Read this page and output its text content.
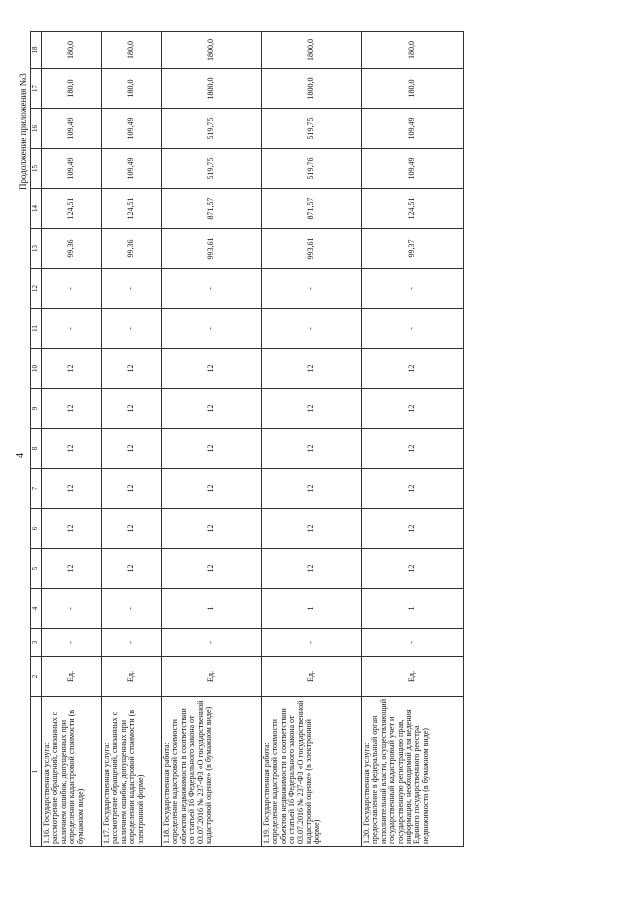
4
Продолжение приложения №3
1	2	3	4	5	6	7	8	9	10	11	12	13	14	15	16	17	18
1.16. Государственная услуга: рассмотрение обращений, связанных с наличием ошибок, допущенных при определении кадастровой стоимости (в бумажном виде)	Ед.	-	-	12	12	12	12	12	12	-	-	99,36	124,51	109,49	109,49	180,0	180,0
1.17. Государственная услуга: рассмотрение обращений, связанных с наличием ошибок, допущенных при определении кадастровой стоимости (в электронной форме)	Ед.	-	-	12	12	12	12	12	12	-	-	99,36	124,51	109,49	109,49	180,0	180,0
1.18. Государственная работа: определение кадастровой стоимости объектов недвижимости в соответствии со статьей 16 Федерального закона от 03.07.2016 № 237-ФЗ «О государственной кадастровой оценке» (в бумажном виде)	Ед.	-	1	12	12	12	12	12	12	-	-	993,61	871,57	519,75	519,75	1800,0	1800,0
1.19. Государственная работа: определение кадастровой стоимости объектов недвижимости в соответствии со статьей 16 Федерального закона от 03.07.2016 № 237-ФЗ «О государственной кадастровой оценке» (в электронной форме)	Ед.	-	1	12	12	12	12	12	12	-	-	993,61	871,57	519,76	519,75	1800,0	1800,0
1.20. Государственная услуга: предоставление в федеральный орган исполнительной власти, осуществляющий государственный кадастровый учет и государственную регистрацию прав, информации, необходимой для ведения Единого государственного реестра недвижимости (в бумажном виде)	Ед.	-	1	12	12	12	12	12	12	-	-	99,37	124,51	109,49	109,49	180,0	180,0
